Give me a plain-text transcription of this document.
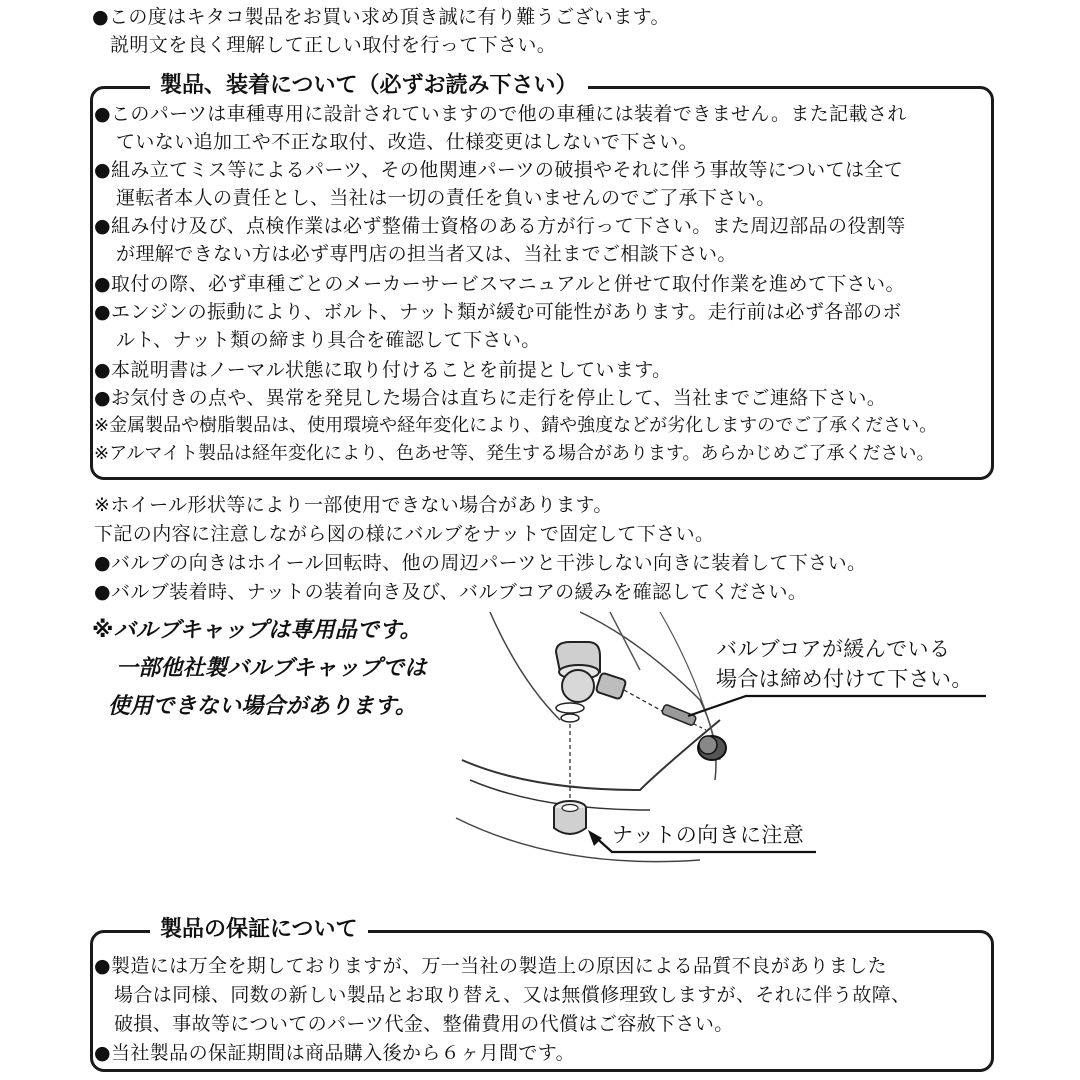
●この度はキタコ製品をお買い求め頂き誠に有り難うございます。
説明文を良く理解して正しい取付を行って下さい。
製品、装着について（必ずお読み下さい）
●このパーツは車種専用に設計されていますので他の車種には装着できません。また記載され
ていない追加工や不正な取付、改造、仕様変更はしないで下さい。
●組み立てミス等によるパーツ、その他関連パーツの破損やそれに伴う事故等については全て
運転者本人の責任とし、当社は一切の責任を負いませんのでご了承下さい。
●組み付け及び、点検作業は必ず整備士資格のある方が行って下さい。また周辺部品の役割等
が理解できない方は必ず専門店の担当者又は、当社までご相談下さい。
●取付の際、必ず車種ごとのメーカーサービスマニュアルと併せて取付作業を進めて下さい。
●エンジンの振動により、ボルト、ナット類が緩む可能性があります。走行前は必ず各部のボ
ルト、ナット類の締まり具合を確認して下さい。
●本説明書はノーマル状態に取り付けることを前提としています。
●お気付きの点や、異常を発見した場合は直ちに走行を停止して、当社までご連絡下さい。
※金属製品や樹脂製品は、使用環境や経年変化により、錆や強度などが劣化しますのでご了承ください。
※アルマイト製品は経年変化により、色あせ等、発生する場合があります。あらかじめご了承ください。
※ホイール形状等により一部使用できない場合があります。
下記の内容に注意しながら図の様にバルブをナットで固定して下さい。
●バルブの向きはホイール回転時、他の周辺パーツと干渉しない向きに装着して下さい。
●バルブ装着時、ナットの装着向き及び、バルブコアの緩みを確認してください。
※バルブキャップは専用品です。
一部他社製バルブキャップでは
使用できない場合があります。
バルブコアが緩んでいる
場合は締め付けて下さい。
ナットの向きに注意
製品の保証について
●製造には万全を期しておりますが、万一当社の製造上の原因による品質不良がありました
場合は同様、同数の新しい製品とお取り替え、又は無償修理致しますが、それに伴う故障、
破損、事故等についてのパーツ代金、整備費用の代償はご容赦下さい。
●当社製品の保証期間は商品購入後から６ヶ月間です。
